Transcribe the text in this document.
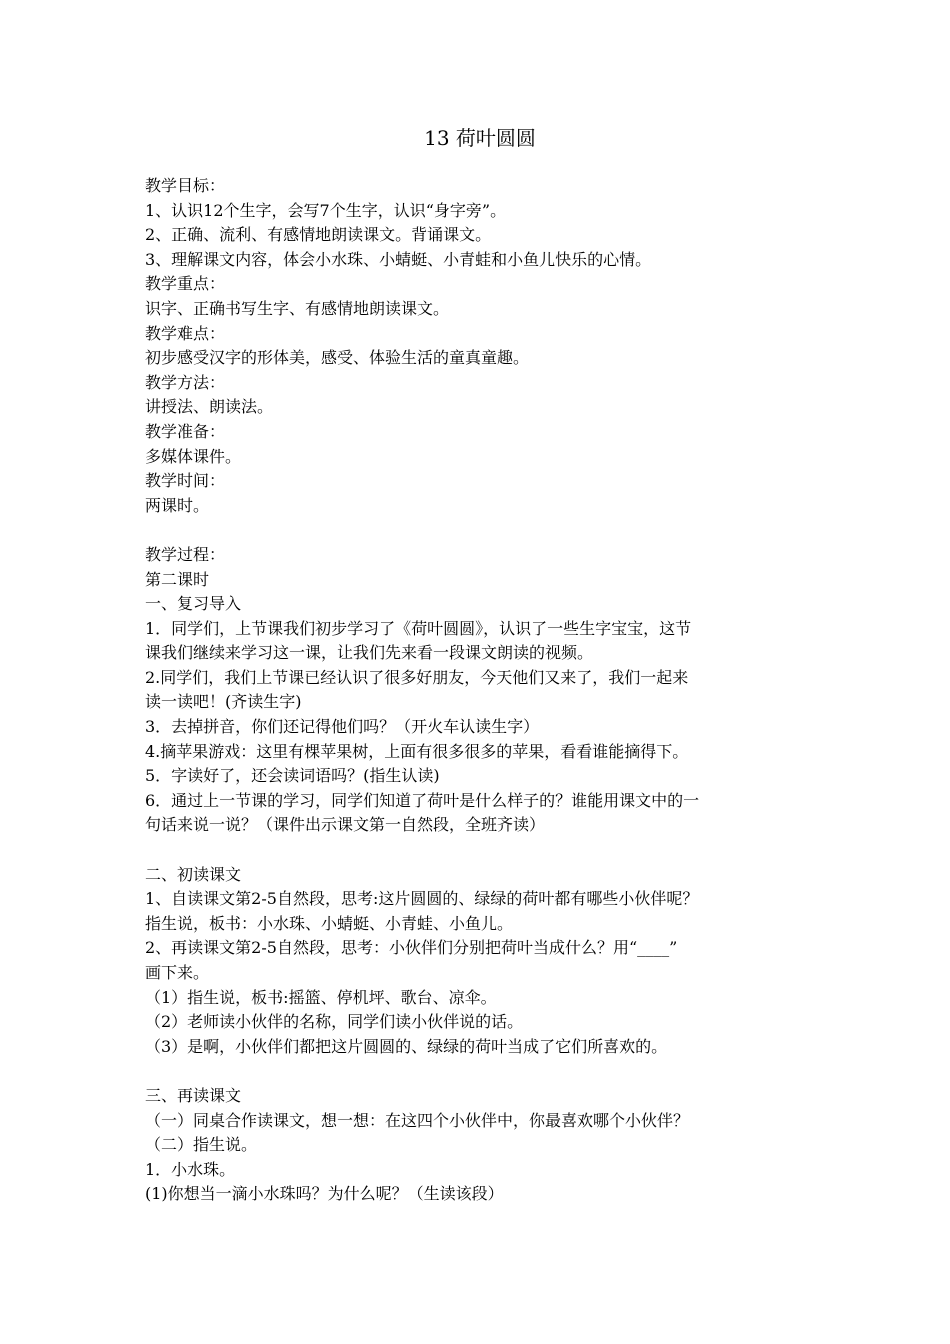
13 荷叶圆圆
教学目标：
1、认识12个生字，会写7个生字，认识“身字旁”。
2、正确、流利、有感情地朗读课文。背诵课文。
3、理解课文内容，体会小水珠、小蜻蜓、小青蛙和小鱼儿快乐的心情。
教学重点：
识字、正确书写生字、有感情地朗读课文。
教学难点：
初步感受汉字的形体美，感受、体验生活的童真童趣。
教学方法：
讲授法、朗读法。
教学准备：
多媒体课件。
教学时间：
两课时。
教学过程：
第二课时
一、复习导入
1．同学们，上节课我们初步学习了《荷叶圆圆》，认识了一些生字宝宝，这节
课我们继续来学习这一课，让我们先来看一段课文朗读的视频。
2.同学们，我们上节课已经认识了很多好朋友，今天他们又来了，我们一起来
读一读吧！(齐读生字)
3．去掉拼音，你们还记得他们吗？（开火车认读生字）
4.摘苹果游戏：这里有棵苹果树，上面有很多很多的苹果，看看谁能摘得下。
5．字读好了，还会读词语吗？(指生认读)
6．通过上一节课的学习，同学们知道了荷叶是什么样子的？谁能用课文中的一
句话来说一说？（课件出示课文第一自然段，全班齐读）
二、初读课文
1、自读课文第2-5自然段，思考:这片圆圆的、绿绿的荷叶都有哪些小伙伴呢？
指生说，板书：小水珠、小蜻蜓、小青蛙、小鱼儿。
2、再读课文第2-5自然段，思考：小伙伴们分别把荷叶当成什么？用“____”
画下来。
（1）指生说，板书:摇篮、停机坪、歌台、凉伞。
（2）老师读小伙伴的名称，同学们读小伙伴说的话。
（3）是啊，小伙伴们都把这片圆圆的、绿绿的荷叶当成了它们所喜欢的。
三、再读课文
（一）同桌合作读课文，想一想：在这四个小伙伴中，你最喜欢哪个小伙伴？
（二）指生说。
1．小水珠。
(1)你想当一滴小水珠吗？为什么呢？（生读该段）
